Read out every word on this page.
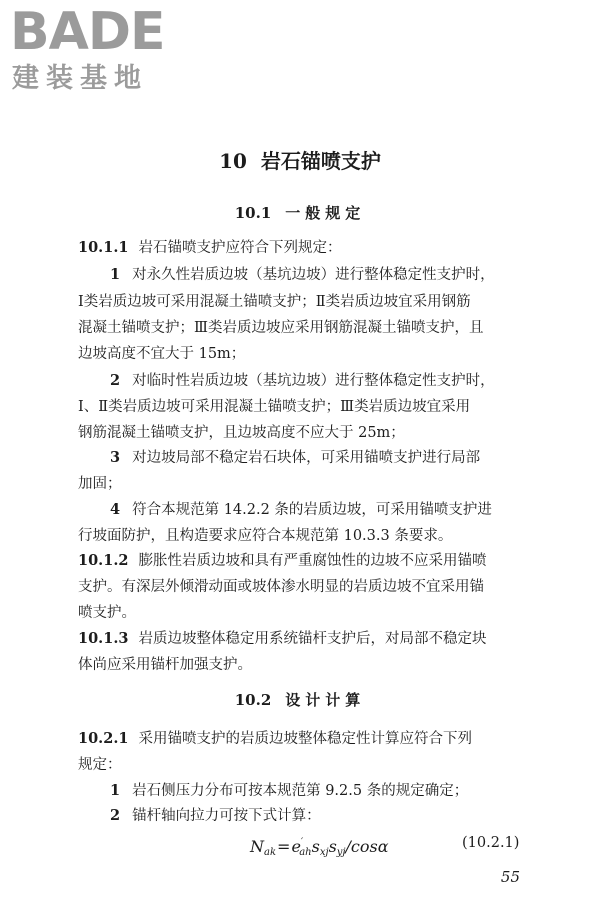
BADE
建装基地
10 岩石锚喷支护
10.1 一般规定
10.1.1 岩石锚喷支护应符合下列规定：
1 对永久性岩质边坡（基坑边坡）进行整体稳定性支护时，
Ⅰ类岩质边坡可采用混凝土锚喷支护；Ⅱ类岩质边坡宜采用钢筋
混凝土锚喷支护；Ⅲ类岩质边坡应采用钢筋混凝土锚喷支护，且
边坡高度不宜大于 15m；
2 对临时性岩质边坡（基坑边坡）进行整体稳定性支护时，
Ⅰ、Ⅱ类岩质边坡可采用混凝土锚喷支护；Ⅲ类岩质边坡宜采用
钢筋混凝土锚喷支护，且边坡高度不应大于 25m；
3 对边坡局部不稳定岩石块体，可采用锚喷支护进行局部
加固；
4 符合本规范第 14.2.2 条的岩质边坡，可采用锚喷支护进
行坡面防护，且构造要求应符合本规范第 10.3.3 条要求。
10.1.2 膨胀性岩质边坡和具有严重腐蚀性的边坡不应采用锚喷
支护。有深层外倾滑动面或坡体渗水明显的岩质边坡不宜采用锚
喷支护。
10.1.3 岩质边坡整体稳定用系统锚杆支护后，对局部不稳定块
体尚应采用锚杆加强支护。
10.2 设计计算
10.2.1 采用锚喷支护的岩质边坡整体稳定性计算应符合下列
规定：
1 岩石侧压力分布可按本规范第 9.2.5 条的规定确定；
2 锚杆轴向拉力可按下式计算：
$N_{ak}=e'_{ah}s_{xj}s_{yj}$/cosα	(10.2.1)
55
